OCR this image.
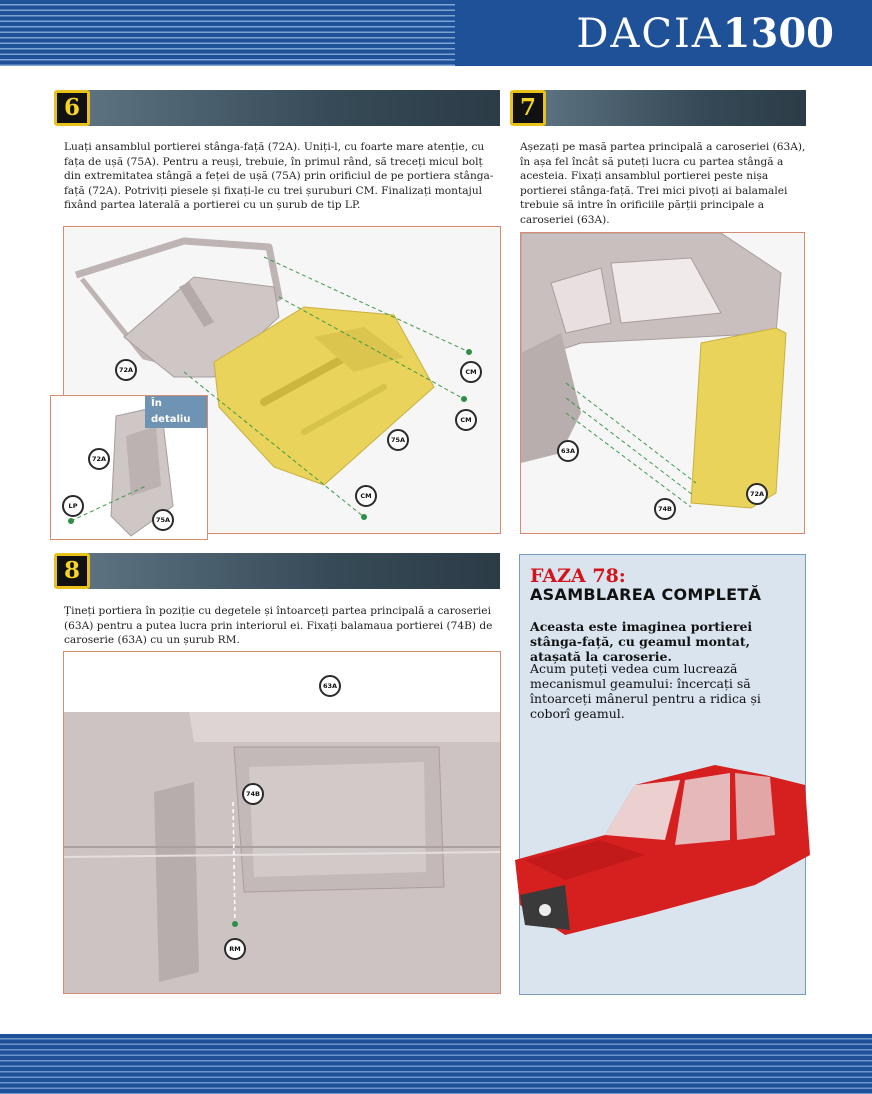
DACIA1300
6
Luați ansamblul portierei stânga-față (72A). Uniți-l, cu foarte mare atenție, cu fața de ușă (75A). Pentru a reuși, trebuie, în primul rând, să treceți micul bolț din extremitatea stângă a feței de ușă (75A) prin orificiul de pe portiera stânga-față (72A). Potriviți piesele și fixați-le cu trei șuruburi CM. Finalizați montajul fixând partea laterală a portierei cu un șurub de tip LP.
72A	CM
CM
75A
CM
În detaliu
72A
LP
75A
7
Așezați pe masă partea principală a caroseriei (63A), în așa fel încât să puteți lucra cu partea stângă a acesteia. Fixați ansamblul portierei peste nișa portierei stânga-față. Trei mici pivoți ai balamalei trebuie să intre în orificiile părții principale a caroseriei (63A).
63A
74B
72A
8
Țineți portiera în poziție cu degetele și întoarceți partea principală a caroseriei (63A) pentru a putea lucra prin interiorul ei. Fixați balamaua portierei (74B) de caroserie (63A) cu un șurub RM.
63A
74B
RM
FAZA 78:
ASAMBLAREA COMPLETĂ
Aceasta este imaginea portierei stânga-față, cu geamul montat, atașată la caroserie.
Acum puteți vedea cum lucrează mecanismul geamului: încercați să întoarceți mânerul pentru a ridica și coborî geamul.
